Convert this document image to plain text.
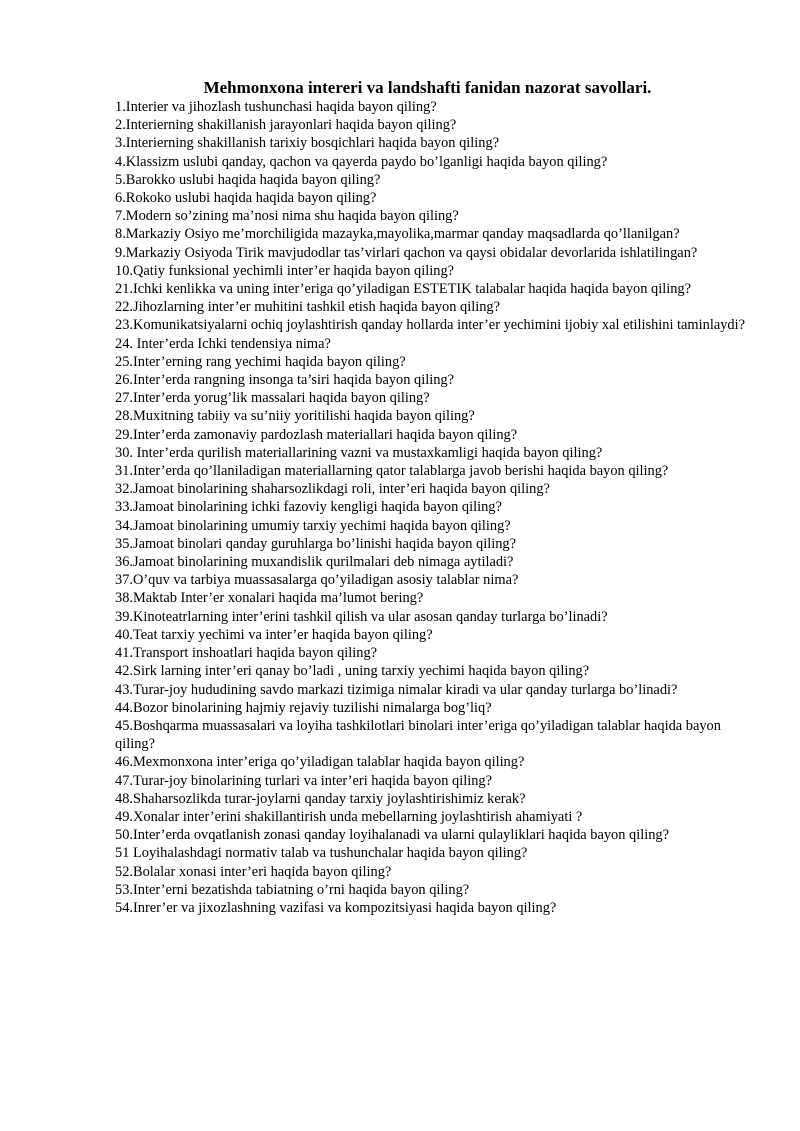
Mehmonxona intereri va landshafti fanidan nazorat savollari.
1.Interier va jihozlash tushunchasi haqida bayon qiling?
2.Interierning shakillanish jarayonlari haqida bayon qiling?
3.Interierning shakillanish tarixiy bosqichlari haqida bayon qiling?
4.Klassizm uslubi qanday, qachon va qayerda paydo bo’lganligi haqida bayon qiling?
5.Barokko uslubi haqida haqida bayon qiling?
6.Rokoko uslubi haqida haqida bayon qiling?
7.Modern so’zining ma’nosi nima shu haqida bayon qiling?
8.Markaziy Osiyo me’morchiligida mazayka,mayolika,marmar qanday maqsadlarda qo’llanilgan?
9.Markaziy Osiyoda Tirik mavjudodlar tas’virlari qachon va qaysi obidalar devorlarida ishlatilingan?
10.Qatiy funksional yechimli inter’er haqida bayon qiling?
21.Ichki kenlikka va uning inter’eriga qo’yiladigan ESTETIK talabalar haqida haqida bayon qiling?
22.Jihozlarning inter’er muhitini tashkil etish haqida bayon qiling?
23.Komunikatsiyalarni ochiq joylashtirish qanday hollarda inter’er yechimini ijobiy xal etilishini taminlaydi?
24. Inter’erda Ichki tendensiya nima?
25.Inter’erning rang yechimi haqida bayon qiling?
26.Inter’erda rangning insonga ta’siri haqida bayon qiling?
27.Inter’erda yorug’lik massalari haqida bayon qiling?
28.Muxitning tabiiy va su’niiy yoritilishi haqida bayon qiling?
29.Inter’erda zamonaviy pardozlash materiallari haqida bayon qiling?
30. Inter’erda qurilish materiallarining vazni va mustaxkamligi haqida bayon qiling?
31.Inter’erda qo’llaniladigan materiallarning qator talablarga javob berishi haqida bayon qiling?
32.Jamoat binolarining shaharsozlikdagi roli, inter’eri haqida bayon qiling?
33.Jamoat binolarining ichki fazoviy kengligi haqida bayon qiling?
34.Jamoat binolarining umumiy tarxiy yechimi haqida bayon qiling?
35.Jamoat binolari qanday guruhlarga bo’linishi haqida bayon qiling?
36.Jamoat binolarining muxandislik qurilmalari deb nimaga aytiladi?
37.O’quv va tarbiya muassasalarga qo’yiladigan asosiy talablar nima?
38.Maktab Inter’er xonalari haqida ma’lumot bering?
39.Kinoteatrlarning inter’erini tashkil qilish va ular asosan qanday turlarga bo’linadi?
40.Teat tarxiy yechimi va inter’er haqida bayon qiling?
41.Transport inshoatlari haqida bayon qiling?
42.Sirk larning inter’eri qanay bo’ladi , uning tarxiy yechimi haqida bayon qiling?
43.Turar-joy hududining savdo markazi tizimiga nimalar kiradi va ular qanday turlarga bo’linadi?
44.Bozor binolarining hajmiy rejaviy tuzilishi nimalarga bog’liq?
45.Boshqarma muassasalari va loyiha tashkilotlari binolari inter’eriga qo’yiladigan talablar haqida bayon qiling?
46.Mexmonxona inter’eriga qo’yiladigan talablar haqida bayon qiling?
47.Turar-joy binolarining turlari va inter’eri haqida bayon qiling?
48.Shaharsozlikda turar-joylarni qanday tarxiy joylashtirishimiz kerak?
49.Xonalar inter’erini shakillantirish unda mebellarning joylashtirish ahamiyati ?
50.Inter’erda ovqatlanish zonasi qanday loyihalanadi va ularni qulayliklari haqida bayon qiling?
51 Loyihalashdagi normativ talab va tushunchalar haqida bayon qiling?
52.Bolalar xonasi inter’eri haqida bayon qiling?
53.Inter’erni bezatishda tabiatning o’rni haqida bayon qiling?
54.Inrer’er va jixozlashning vazifasi va kompozitsiyasi haqida bayon qiling?
